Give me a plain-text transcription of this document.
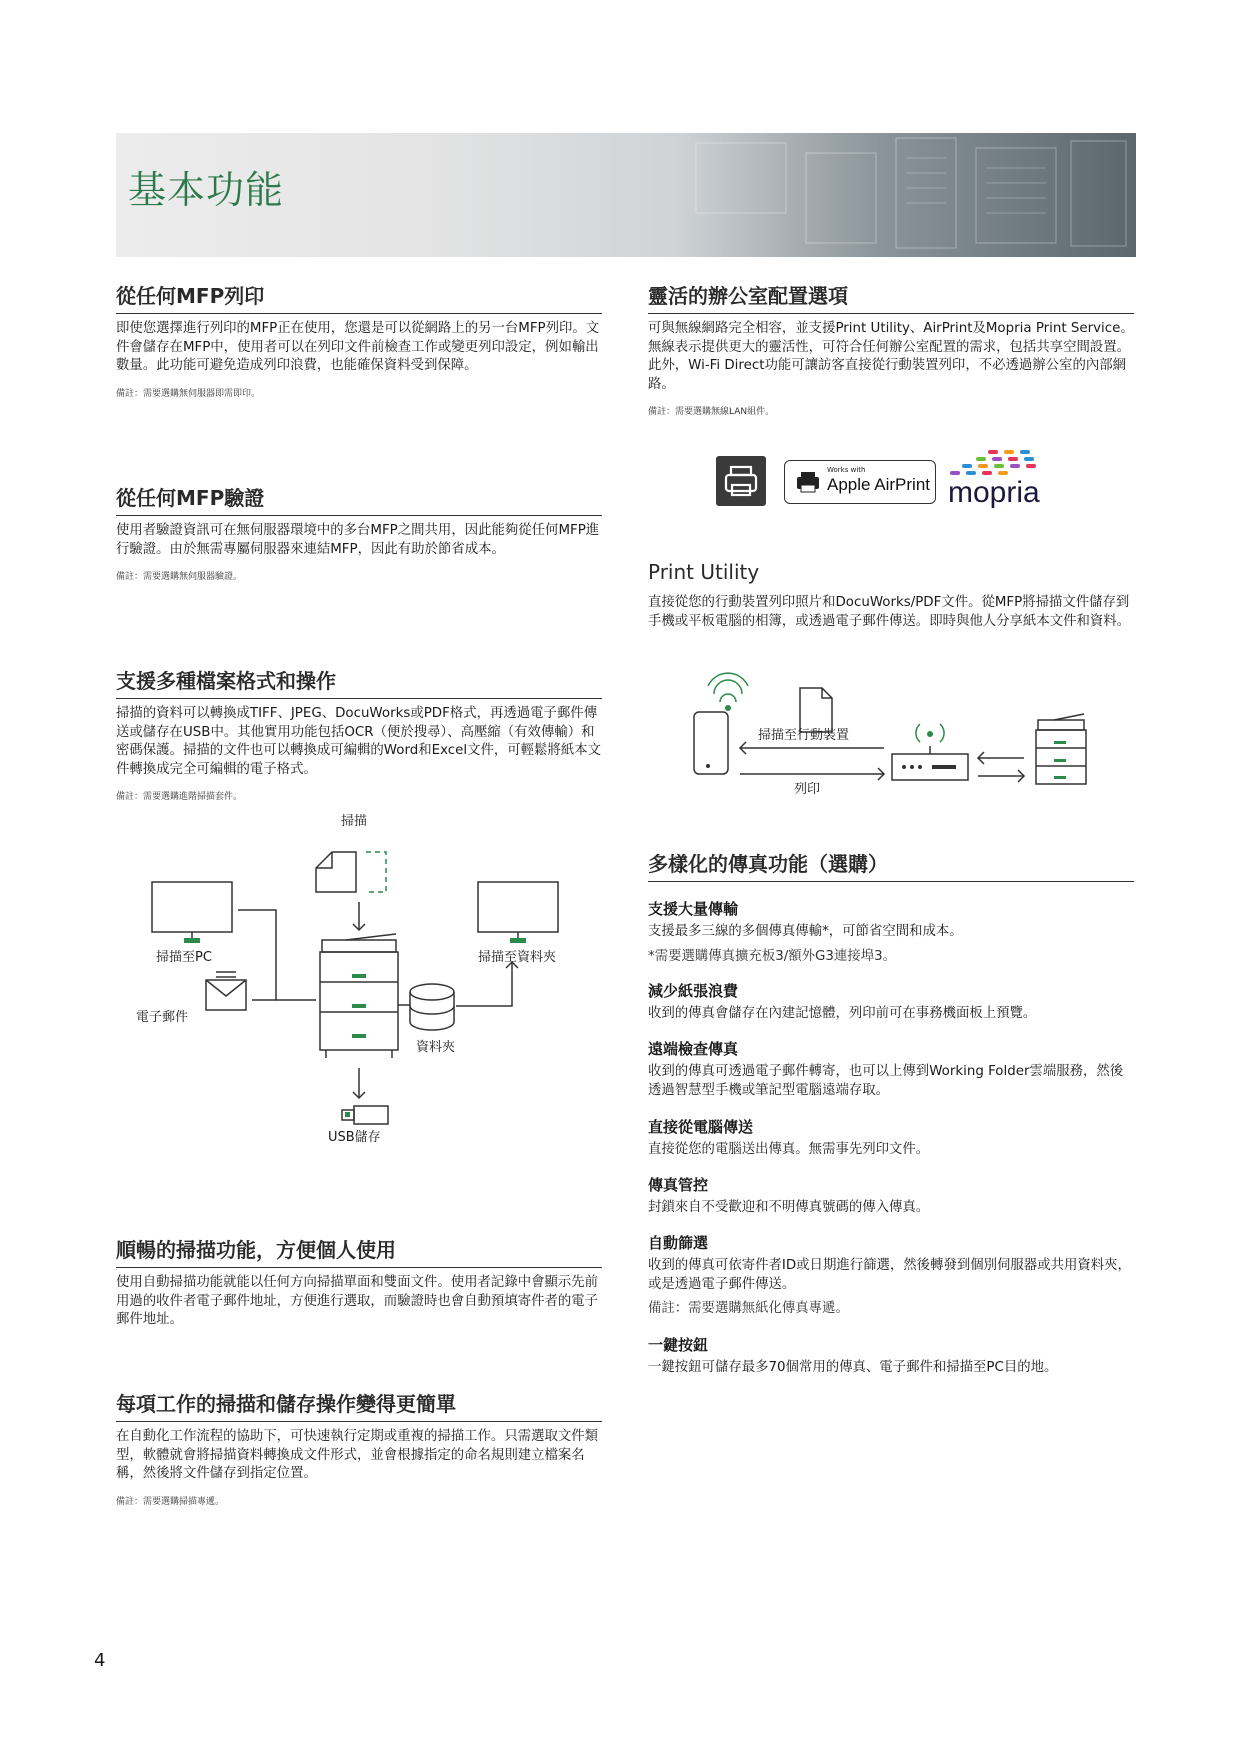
基本功能
從任何MFP列印

即使您選擇進行列印的MFP正在使用，您還是可以從網路上的另一台MFP列印。文件會儲存在MFP中，使用者可以在列印文件前檢查工作或變更列印設定，例如輸出數量。此功能可避免造成列印浪費，也能確保資料受到保障。

備註：需要選購無伺服器即需即印。

從任何MFP驗證

使用者驗證資訊可在無伺服器環境中的多台MFP之間共用，因此能夠從任何MFP進行驗證。由於無需專屬伺服器來連結MFP，因此有助於節省成本。

備註：需要選購無伺服器驗證。

支援多種檔案格式和操作

掃描的資料可以轉換成TIFF、JPEG、DocuWorks或PDF格式，再透過電子郵件傳送或儲存在USB中。其他實用功能包括OCR（便於搜尋）、高壓縮（有效傳輸）和密碼保護。掃描的文件也可以轉換成可編輯的Word和Excel文件，可輕鬆將紙本文件轉換成完全可編輯的電子格式。

備註：需要選購進階掃描套件。

掃描
掃描至PC	掃描至資料夾
電子郵件
資料夾
USB儲存
順暢的掃描功能，方便個人使用

使用自動掃描功能就能以任何方向掃描單面和雙面文件。使用者記錄中會顯示先前用過的收件者電子郵件地址，方便進行選取，而驗證時也會自動預填寄件者的電子郵件地址。

每項工作的掃描和儲存操作變得更簡單

在自動化工作流程的協助下，可快速執行定期或重複的掃描工作。只需選取文件類型，軟體就會將掃描資料轉換成文件形式，並會根據指定的命名規則建立檔案名稱，然後將文件儲存到指定位置。

備註：需要選購掃描專遞。

靈活的辦公室配置選項

可與無線網路完全相容，並支援Print Utility、AirPrint及Mopria Print Service。無線表示提供更大的靈活性，可符合任何辦公室配置的需求，包括共享空間設置。此外，Wi-Fi Direct功能可讓訪客直接從行動裝置列印，不必透過辦公室的內部網路。

備註：需要選購無線LAN組件。

Works with
Apple AirPrint mopria
Print Utility

直接從您的行動裝置列印照片和DocuWorks/PDF文件。從MFP將掃描文件儲存到手機或平板電腦的相簿，或透過電子郵件傳送。即時與他人分享紙本文件和資料。

掃描至行動裝置
列印
多樣化的傳真功能（選購）
支援大量傳輸

支援最多三線的多個傳真傳輸*，可節省空間和成本。

*需要選購傳真擴充板3/額外G3連接埠3。

減少紙張浪費

收到的傳真會儲存在內建記憶體，列印前可在事務機面板上預覽。

遠端檢查傳真

收到的傳真可透過電子郵件轉寄，也可以上傳到Working Folder雲端服務，然後透過智慧型手機或筆記型電腦遠端存取。

直接從電腦傳送

直接從您的電腦送出傳真。無需事先列印文件。

傳真管控

封鎖來自不受歡迎和不明傳真號碼的傳入傳真。

自動篩選

收到的傳真可依寄件者ID或日期進行篩選，然後轉發到個別伺服器或共用資料夾，或是透過電子郵件傳送。

備註：需要選購無紙化傳真專遞。

一鍵按鈕

一鍵按鈕可儲存最多70個常用的傳真、電子郵件和掃描至PC目的地。

4
